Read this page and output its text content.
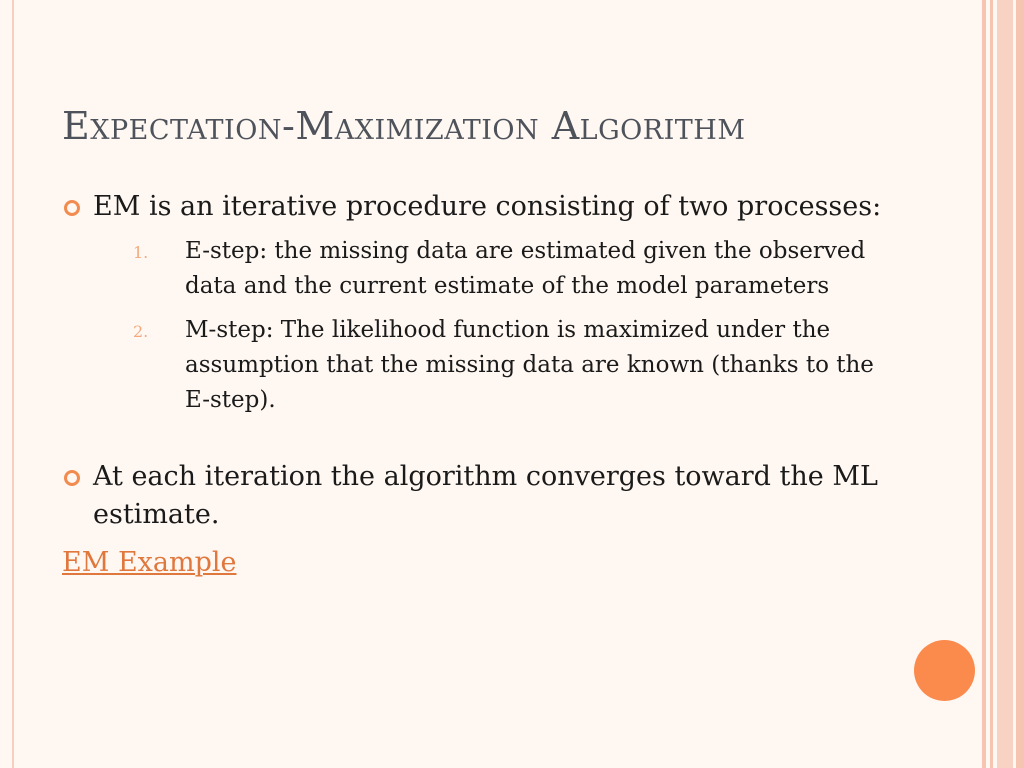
Expectation-Maximization Algorithm
EM is an iterative procedure consisting of two processes:
1. E-step: the missing data are estimated given the observed data and the current estimate of the model parameters
2. M-step: The likelihood function is maximized under the assumption that the missing data are known (thanks to the E-step).
At each iteration the algorithm converges toward the ML estimate.
EM Example
